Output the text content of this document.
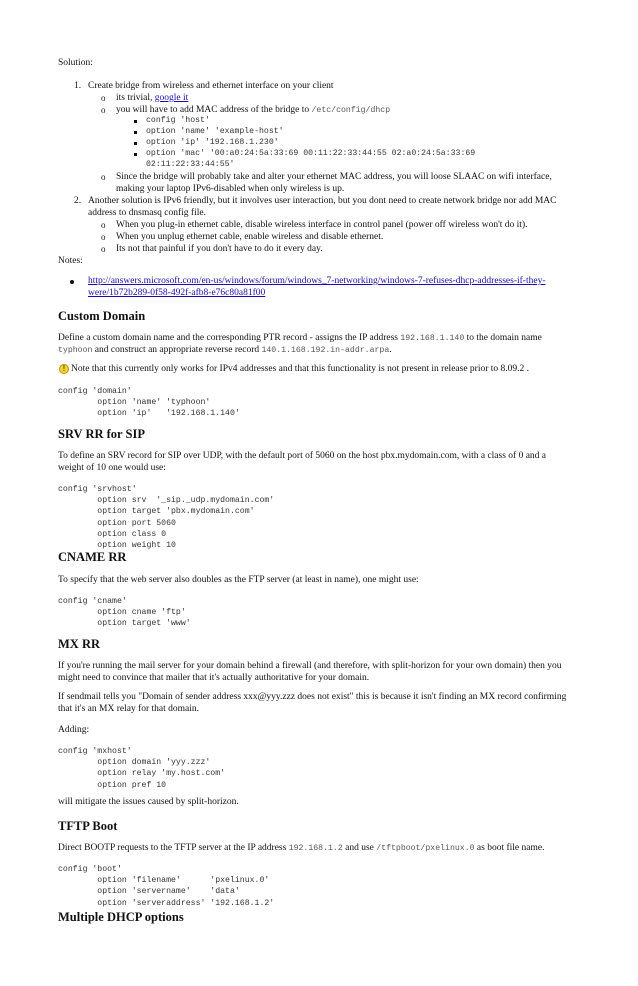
Solution:
1. Create bridge from wireless and ethernet interface on your client
o its trivial, google it
o you will have to add MAC address of the bridge to /etc/config/dhcp
config 'host'
option 'name' 'example-host'
option 'ip' '192.168.1.230'
option 'mac' '00:a0:24:5a:33:69 00:11:22:33:44:55 02:a0:24:5a:33:69
02:11:22:33:44:55'
o Since the bridge will probably take and alter your ethernet MAC address, you will loose SLAAC on wifi interface,
making your laptop IPv6-disabled when only wireless is up.
2. Another solution is IPv6 friendly, but it involves user interaction, but you dont need to create network bridge nor add MAC
address to dnsmasq config file.
o When you plug-in ethernet cable, disable wireless interface in control panel (power off wireless won't do it).
o When you unplug ethernet cable, enable wireless and disable ethernet.
o Its not that painful if you don't have to do it every day.
Notes:
http://answers.microsoft.com/en-us/windows/forum/windows_7-networking/windows-7-refuses-dhcp-addresses-if-they-
were/1b72b289-0f58-492f-afb8-e76c80a81f00
Custom Domain
Define a custom domain name and the corresponding PTR record - assigns the IP address 192.168.1.140 to the domain name
typhoon and construct an appropriate reverse record 140.1.168.192.in-addr.arpa.
! Note that this currently only works for IPv4 addresses and that this functionality is not present in release prior to 8.09.2 .
config 'domain'
option 'name' 'typhoon'
option 'ip'   '192.168.1.140'
SRV RR for SIP
To define an SRV record for SIP over UDP, with the default port of 5060 on the host pbx.mydomain.com, with a class of 0 and a
weight of 10 one would use:
config 'srvhost'
option srv  '_sip._udp.mydomain.com'
option target 'pbx.mydomain.com'
option port 5060
option class 0
option weight 10
CNAME RR
To specify that the web server also doubles as the FTP server (at least in name), one might use:
config 'cname'
option cname 'ftp'
option target 'www'
MX RR
If you're running the mail server for your domain behind a firewall (and therefore, with split-horizon for your own domain) then you
might need to convince that mailer that it's actually authoritative for your domain.
If sendmail tells you "Domain of sender address xxx@yyy.zzz does not exist" this is because it isn't finding an MX record confirming
that it's an MX relay for that domain.
Adding:
config 'mxhost'
option domain 'yyy.zzz'
option relay 'my.host.com'
option pref 10
will mitigate the issues caused by split-horizon.
TFTP Boot
Direct BOOTP requests to the TFTP server at the IP address 192.168.1.2 and use /tftpboot/pxelinux.0 as boot file name.
config 'boot'
option 'filename'      'pxelinux.0'
option 'servername'    'data'
option 'serveraddress' '192.168.1.2'
Multiple DHCP options
